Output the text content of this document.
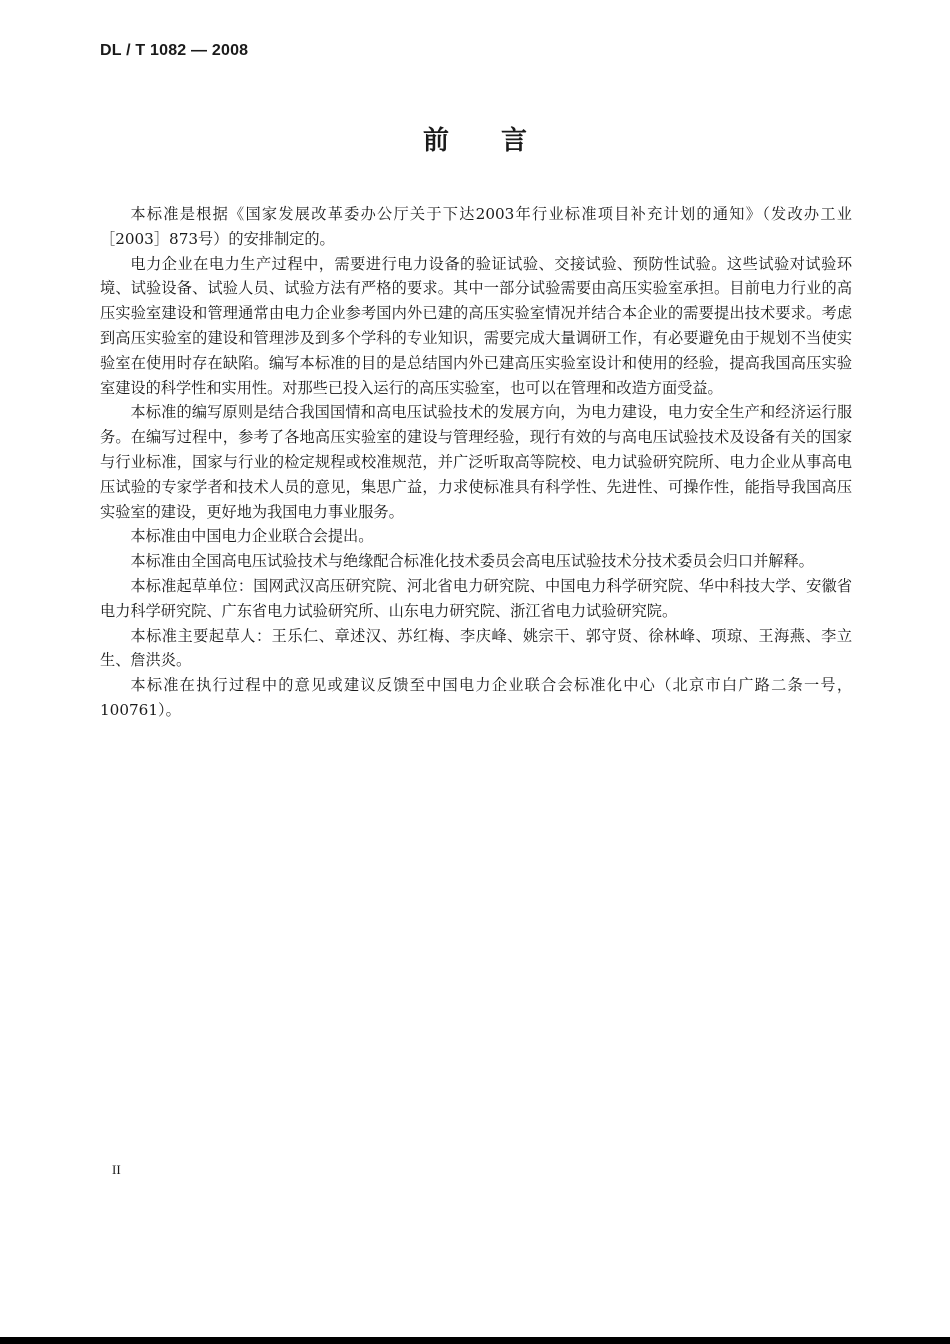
DL / T 1082 — 2008
前 言

本标准是根据《国家发展改革委办公厅关于下达2003年行业标准项目补充计划的通知》（发改办工业［2003］873号）的安排制定的。

电力企业在电力生产过程中，需要进行电力设备的验证试验、交接试验、预防性试验。这些试验对试验环境、试验设备、试验人员、试验方法有严格的要求。其中一部分试验需要由高压实验室承担。目前电力行业的高压实验室建设和管理通常由电力企业参考国内外已建的高压实验室情况并结合本企业的需要提出技术要求。考虑到高压实验室的建设和管理涉及到多个学科的专业知识，需要完成大量调研工作，有必要避免由于规划不当使实验室在使用时存在缺陷。编写本标准的目的是总结国内外已建高压实验室设计和使用的经验，提高我国高压实验室建设的科学性和实用性。对那些已投入运行的高压实验室，也可以在管理和改造方面受益。

本标准的编写原则是结合我国国情和高电压试验技术的发展方向，为电力建设，电力安全生产和经济运行服务。在编写过程中，参考了各地高压实验室的建设与管理经验，现行有效的与高电压试验技术及设备有关的国家与行业标准，国家与行业的检定规程或校准规范，并广泛听取高等院校、电力试验研究院所、电力企业从事高电压试验的专家学者和技术人员的意见，集思广益，力求使标准具有科学性、先进性、可操作性，能指导我国高压实验室的建设，更好地为我国电力事业服务。

本标准由中国电力企业联合会提出。

本标准由全国高电压试验技术与绝缘配合标准化技术委员会高电压试验技术分技术委员会归口并解释。

本标准起草单位：国网武汉高压研究院、河北省电力研究院、中国电力科学研究院、华中科技大学、安徽省电力科学研究院、广东省电力试验研究所、山东电力研究院、浙江省电力试验研究院。

本标准主要起草人：王乐仁、章述汉、苏红梅、李庆峰、姚宗干、郭守贤、徐林峰、项琼、王海燕、李立生、詹洪炎。

本标准在执行过程中的意见或建议反馈至中国电力企业联合会标准化中心（北京市白广路二条一号，100761）。

II
